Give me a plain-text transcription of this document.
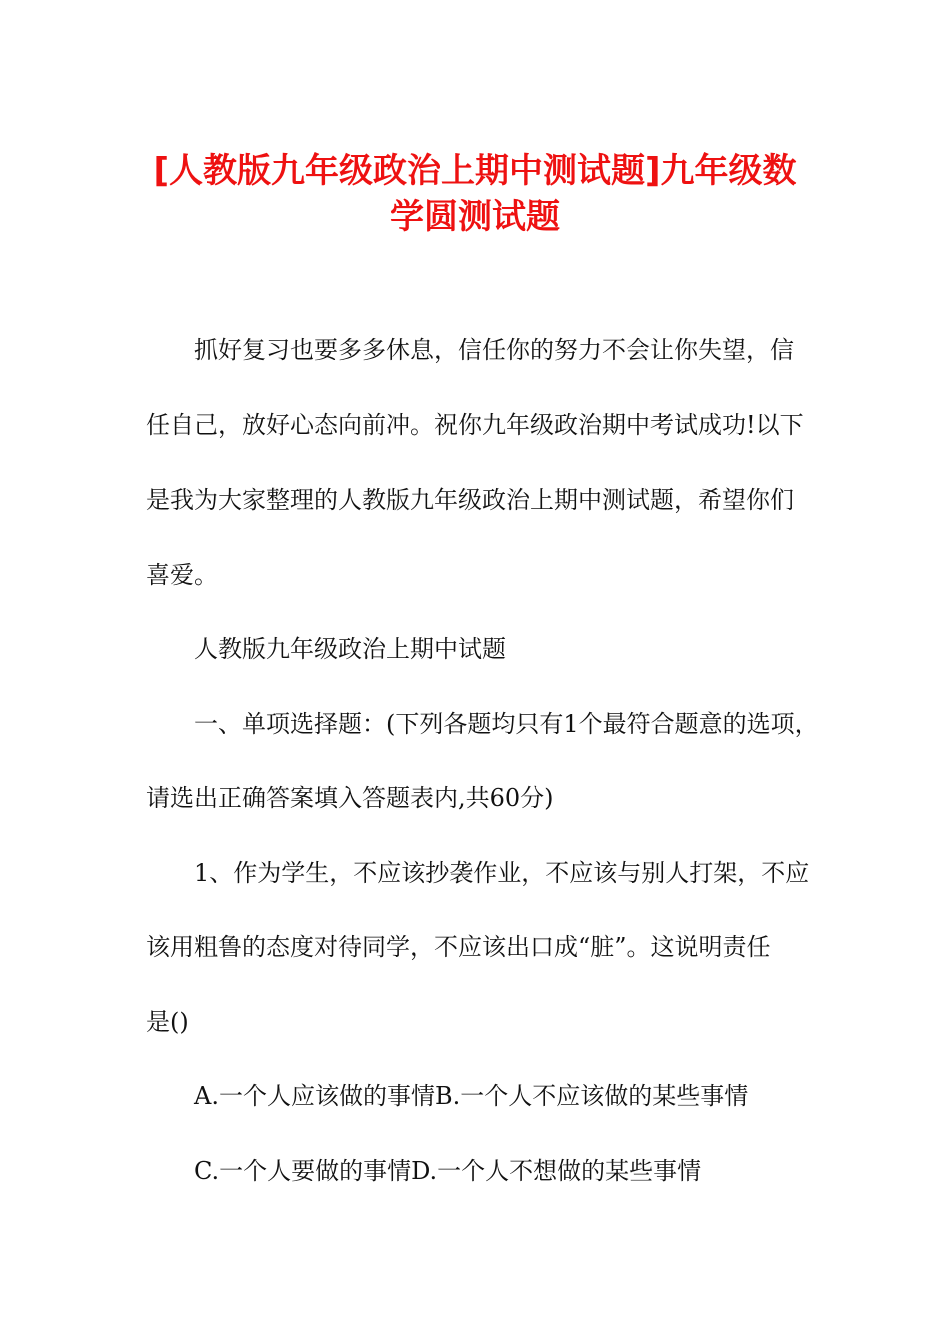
[人教版九年级政治上期中测试题]九年级数
学圆测试题
抓好复习也要多多休息，信任你的努力不会让你失望，信
任自己，放好心态向前冲。祝你九年级政治期中考试成功!以下
是我为大家整理的人教版九年级政治上期中测试题，希望你们
喜爱。
人教版九年级政治上期中试题
一、单项选择题：(下列各题均只有1个最符合题意的选项，
请选出正确答案填入答题表内,共60分)
1、作为学生，不应该抄袭作业，不应该与别人打架，不应
该用粗鲁的态度对待同学，不应该出口成“脏”。这说明责任
是()
A.一个人应该做的事情B.一个人不应该做的某些事情
C.一个人要做的事情D.一个人不想做的某些事情
